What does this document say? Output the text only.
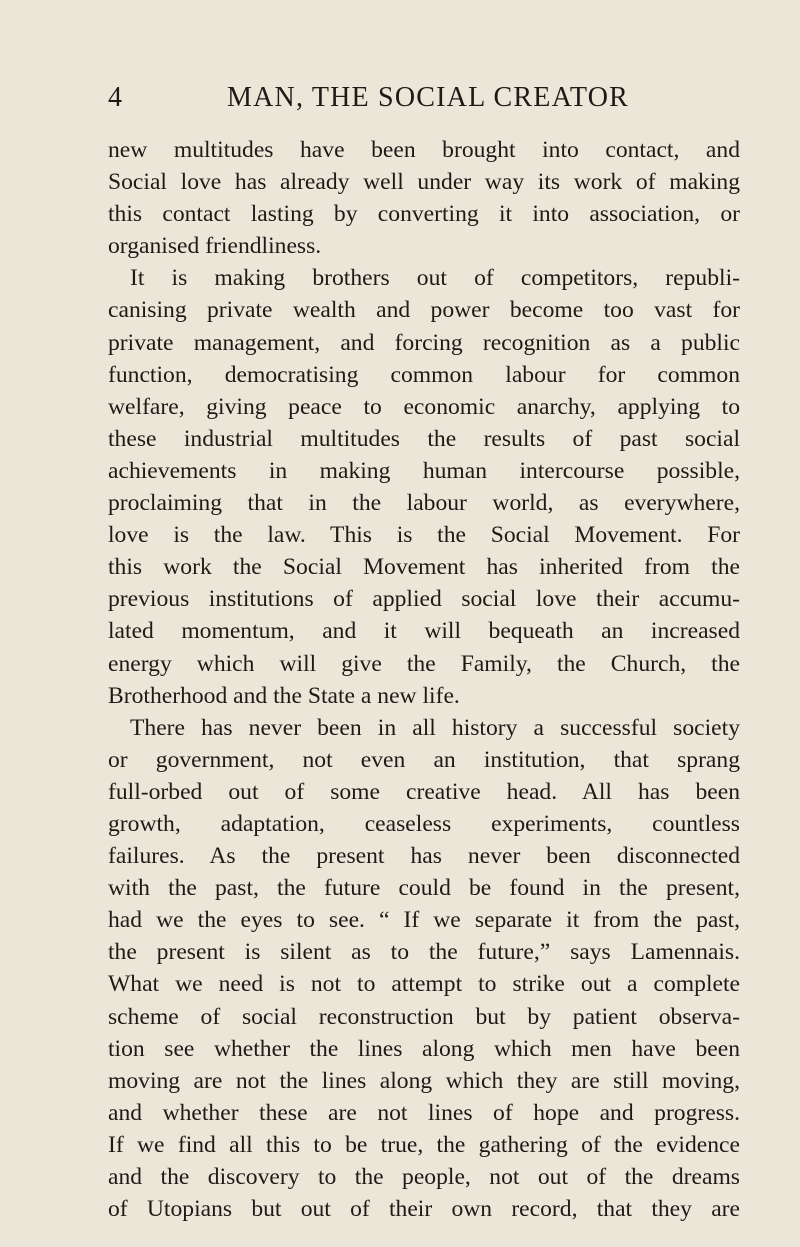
4	MAN, THE SOCIAL CREATOR
new multitudes have been brought into contact, and
Social love has already well under way its work of making
this contact lasting by converting it into association, or
organised friendliness.
It is making brothers out of competitors, republi-
canising private wealth and power become too vast for
private management, and forcing recognition as a public
function, democratising common labour for common
welfare, giving peace to economic anarchy, applying to
these industrial multitudes the results of past social
achievements in making human intercourse possible,
proclaiming that in the labour world, as everywhere,
love is the law. This is the Social Movement. For
this work the Social Movement has inherited from the
previous institutions of applied social love their accumu-
lated momentum, and it will bequeath an increased
energy which will give the Family, the Church, the
Brotherhood and the State a new life.
There has never been in all history a successful society
or government, not even an institution, that sprang
full-orbed out of some creative head. All has been
growth, adaptation, ceaseless experiments, countless
failures. As the present has never been disconnected
with the past, the future could be found in the present,
had we the eyes to see. “ If we separate it from the past,
the present is silent as to the future,” says Lamennais.
What we need is not to attempt to strike out a complete
scheme of social reconstruction but by patient observa-
tion see whether the lines along which men have been
moving are not the lines along which they are still moving,
and whether these are not lines of hope and progress.
If we find all this to be true, the gathering of the evidence
and the discovery to the people, not out of the dreams
of Utopians but out of their own record, that they are
